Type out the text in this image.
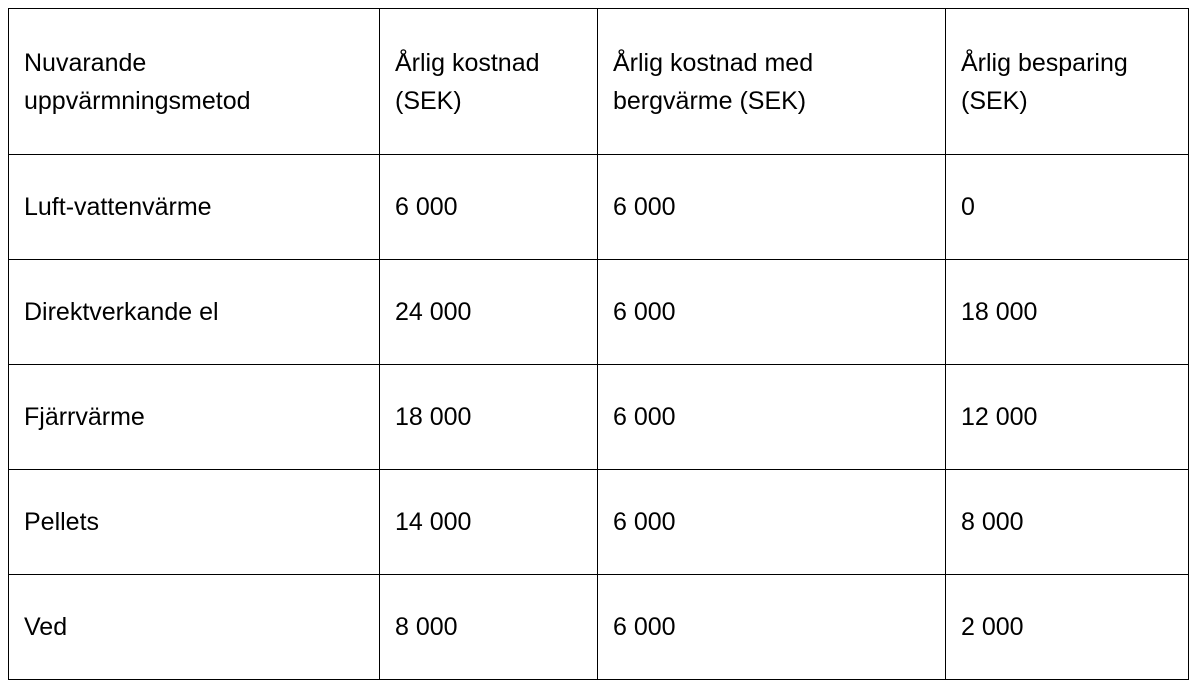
Nuvarande uppvärmningsmetod	Årlig kostnad (SEK)	Årlig kostnad med bergvärme (SEK)	Årlig besparing (SEK)
Luft-vattenvärme	6 000	6 000	0
Direktverkande el	24 000	6 000	18 000
Fjärrvärme	18 000	6 000	12 000
Pellets	14 000	6 000	8 000
Ved	8 000	6 000	2 000
